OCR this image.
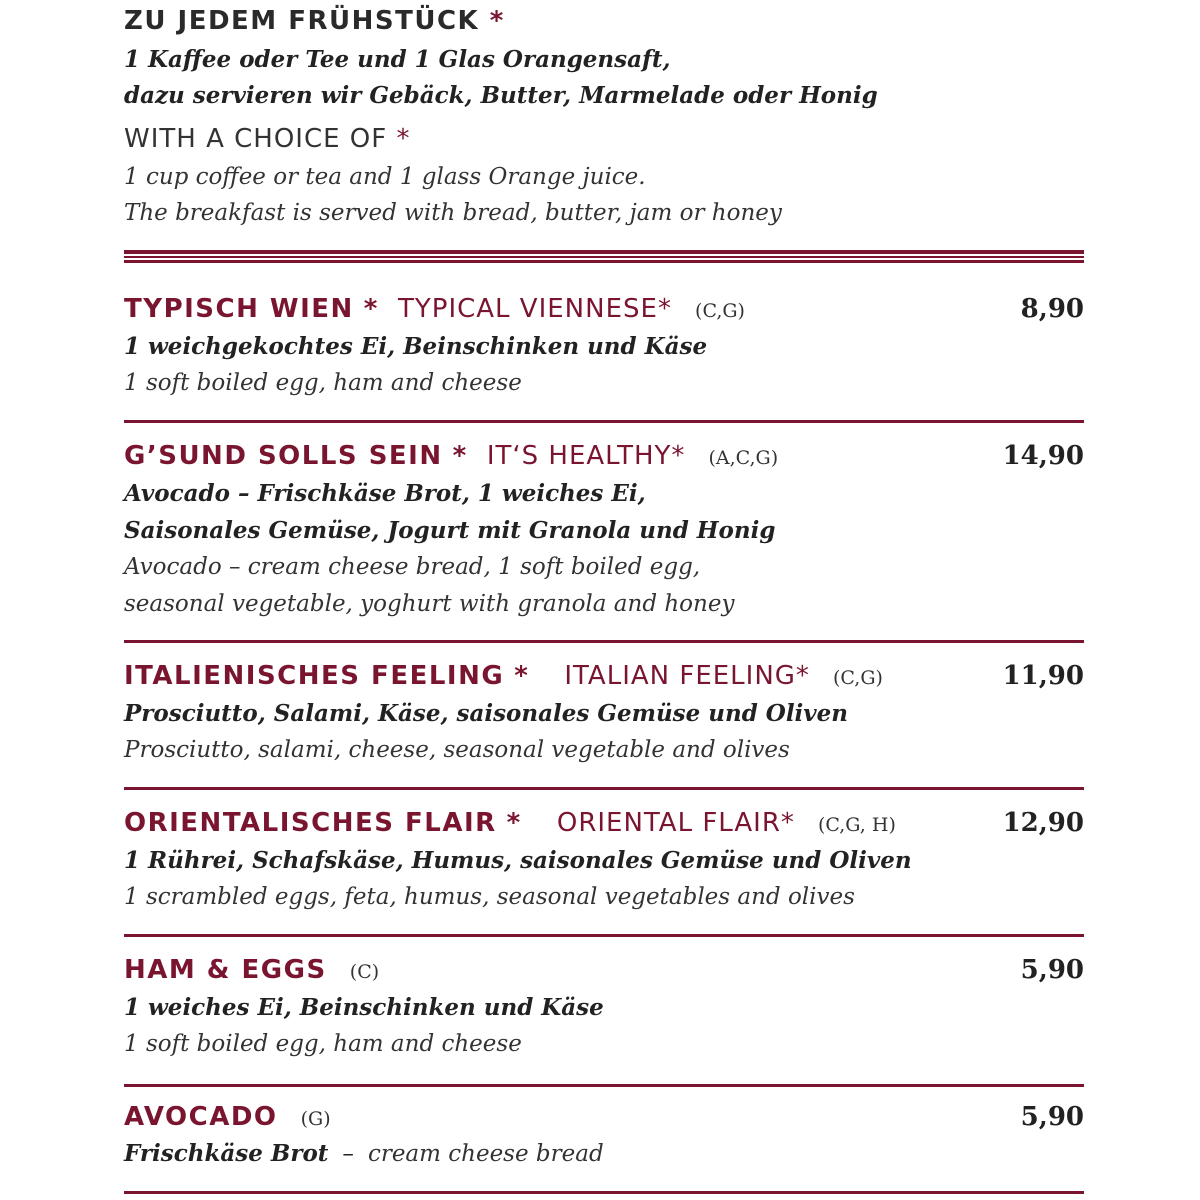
ZU JEDEM FRÜHSTÜCK *
1 Kaffee oder Tee und 1 Glas Orangensaft,
dazu servieren wir Gebäck, Butter, Marmelade oder Honig
WITH A CHOICE OF *
1 cup coffee or tea and 1 glass Orange juice.
The breakfast is served with bread, butter, jam or honey
TYPISCH WIEN * TYPICAL VIENNESE* (C,G)	8,90
1 weichgekochtes Ei, Beinschinken und Käse
1 soft boiled egg, ham and cheese
G’SUND SOLLS SEIN * IT‘S HEALTHY* (A,C,G)	14,90
Avocado – Frischkäse Brot, 1 weiches Ei,
Saisonales Gemüse, Jogurt mit Granola und Honig
Avocado – cream cheese bread, 1 soft boiled egg,
seasonal vegetable, yoghurt with granola and honey
ITALIENISCHES FEELING * ITALIAN FEELING* (C,G)	11,90
Prosciutto, Salami, Käse, saisonales Gemüse und Oliven
Prosciutto, salami, cheese, seasonal vegetable and olives
ORIENTALISCHES FLAIR * ORIENTAL FLAIR* (C,G, H)	12,90
1 Rührei, Schafskäse, Humus, saisonales Gemüse und Oliven
1 scrambled eggs, feta, humus, seasonal vegetables and olives
HAM & EGGS (C)	5,90
1 weiches Ei, Beinschinken und Käse
1 soft boiled egg, ham and cheese
AVOCADO (G)	5,90
Frischkäse Brot – cream cheese bread
